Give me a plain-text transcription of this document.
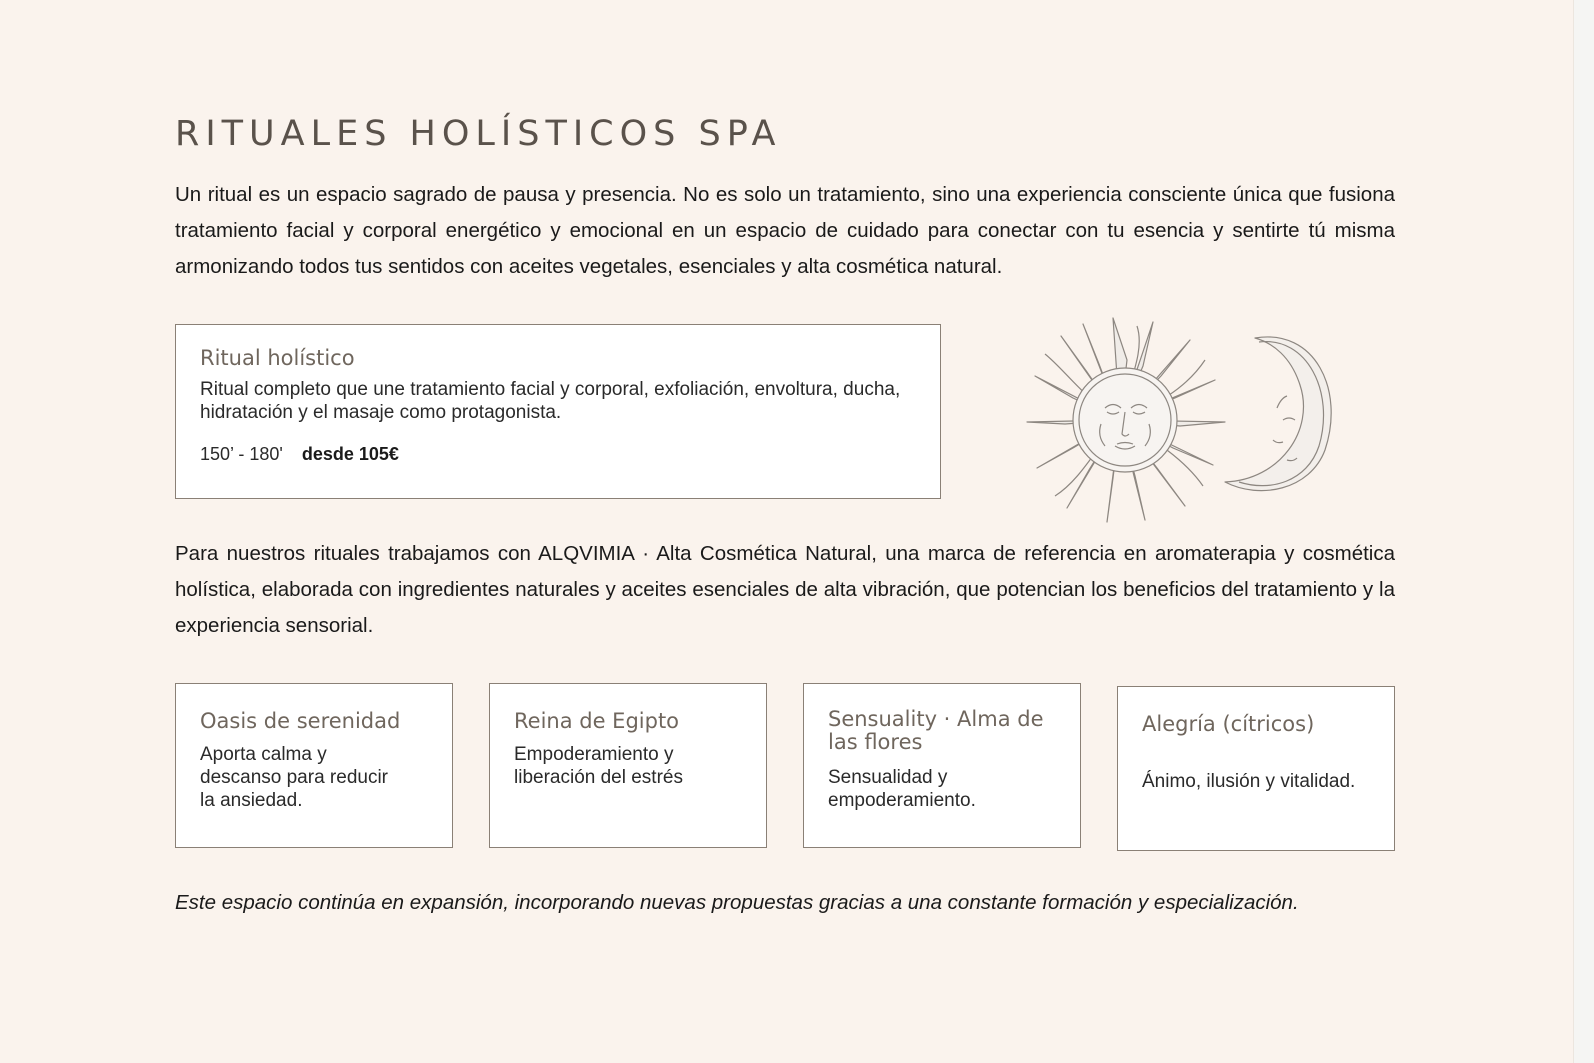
RITUALES HOLÍSTICOS SPA

Un ritual es un espacio sagrado de pausa y presencia. No es solo un tratamiento, sino una experiencia consciente única que fusiona tratamiento facial y corporal energético y emocional en un espacio de cuidado para conectar con tu esencia y sentirte tú misma armonizando todos tus sentidos con aceites vegetales, esenciales y alta cosmética natural.

Ritual holístico

Ritual completo que une tratamiento facial y corporal, exfoliación, envoltura, ducha, hidratación y el masaje como protagonista.

150’ - 180' desde 105€

Para nuestros rituales trabajamos con ALQVIMIA · Alta Cosmética Natural, una marca de referencia en aromaterapia y cosmética holística, elaborada con ingredientes naturales y aceites esenciales de alta vibración, que potencian los beneficios del tratamiento y la experiencia sensorial.

Oasis de serenidad

Aporta calma y descanso para reducir la ansiedad.

Reina de Egipto

Empoderamiento y liberación del estrés

Sensuality · Alma de las flores

Sensualidad y empoderamiento.

Alegría (cítricos)

Ánimo, ilusión y vitalidad.

Este espacio continúa en expansión, incorporando nuevas propuestas gracias a una constante formación y especialización.
